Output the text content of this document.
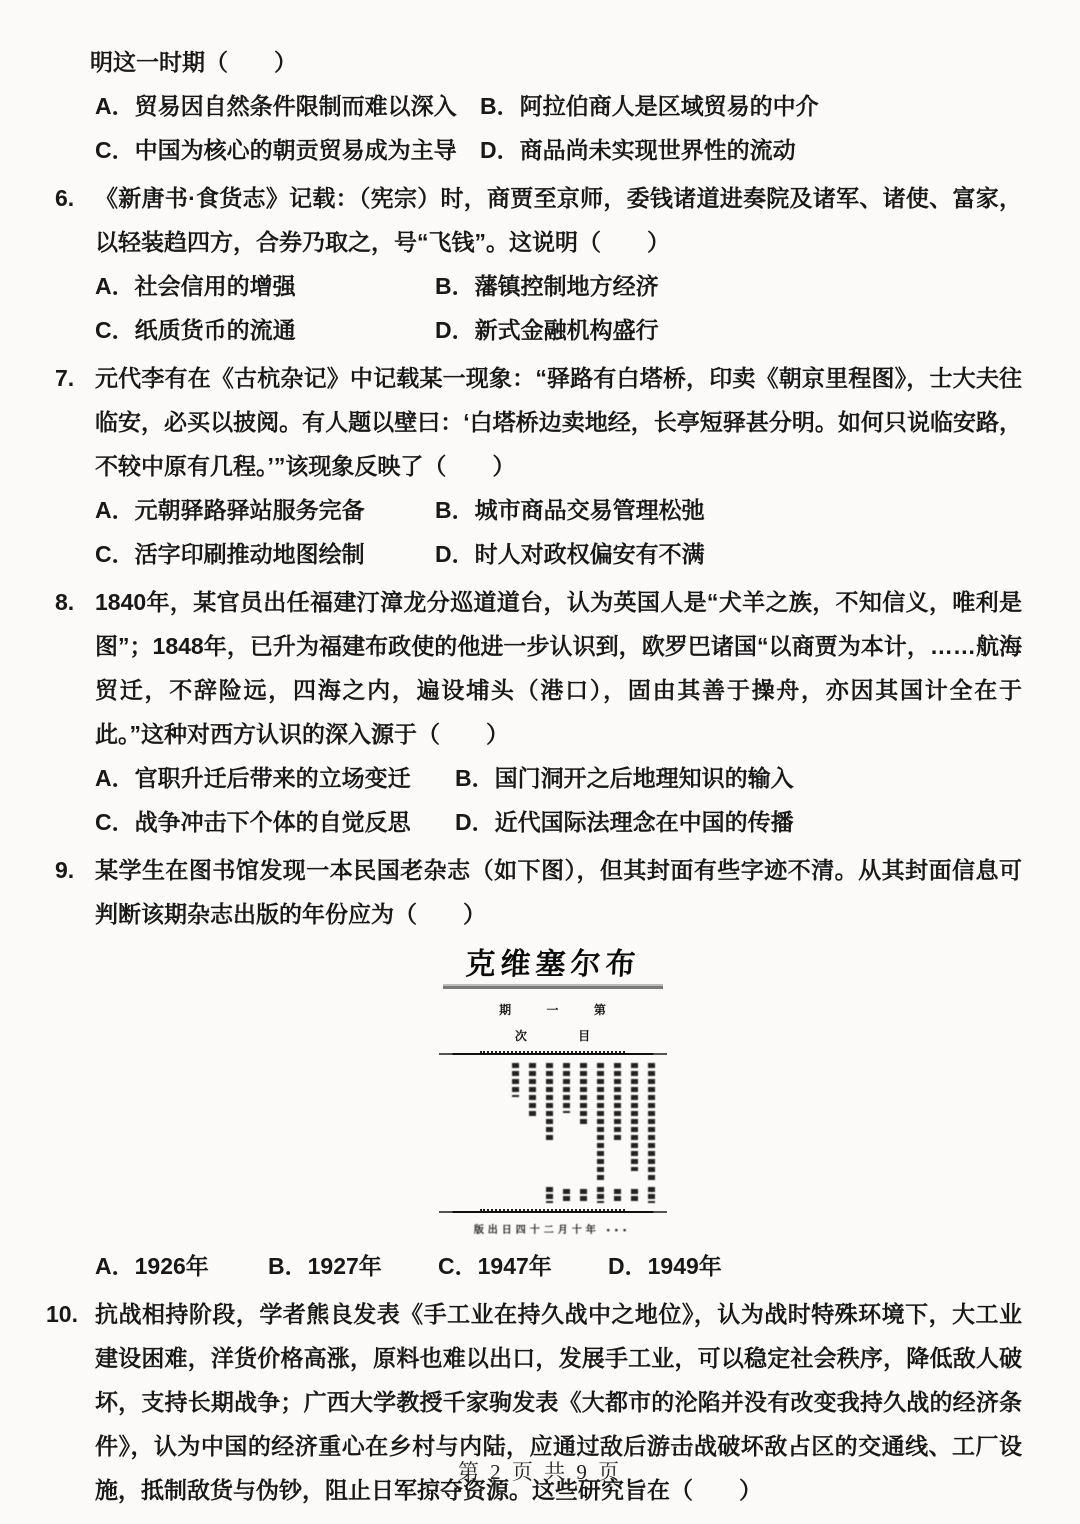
明这一时期（　　）

A．贸易因自然条件限制而难以深入	B．阿拉伯商人是区域贸易的中介
C．中国为核心的朝贡贸易成为主导	D．商品尚未实现世界性的流动
6. 《新唐书·食货志》记载：（宪宗）时，商贾至京师，委钱诸道进奏院及诸军、诸使、富家，以轻装趋四方，合券乃取之，号“飞钱”。这说明（　　）

A．社会信用的增强	B．藩镇控制地方经济
C．纸质货币的流通	D．新式金融机构盛行
7. 元代李有在《古杭杂记》中记载某一现象：“驿路有白塔桥，印卖《朝京里程图》，士大夫往临安，必买以披阅。有人题以壁曰：‘白塔桥边卖地经，长亭短驿甚分明。如何只说临安路，不较中原有几程。’”该现象反映了（　　）

A．元朝驿路驿站服务完备	B．城市商品交易管理松弛
C．活字印刷推动地图绘制	D．时人对政权偏安有不满
8. 1840年，某官员出任福建汀漳龙分巡道道台，认为英国人是“犬羊之族，不知信义，唯利是图”；1848年，已升为福建布政使的他进一步认识到，欧罗巴诸国“以商贾为本计，……航海贸迁，不辞险远，四海之内，遍设埔头（港口），固由其善于操舟，亦因其国计全在于此。”这种对西方认识的深入源于（　　）

A．官职升迁后带来的立场变迁	B．国门洞开之后地理知识的输入
C．战争冲击下个体的自觉反思	D．近代国际法理念在中国的传播
9. 某学生在图书馆发现一本民国老杂志（如下图），但其封面有些字迹不清。从其封面信息可判断该期杂志出版的年份应为（　　）

克维塞尔布
期 一 第
次 目
版出日四十二月十年 ▪▪▪
A．1926年	B．1927年	C．1947年	D．1949年
10. 抗战相持阶段，学者熊良发表《手工业在持久战中之地位》，认为战时特殊环境下，大工业建设困难，洋货价格高涨，原料也难以出口，发展手工业，可以稳定社会秩序，降低敌人破坏，支持长期战争；广西大学教授千家驹发表《大都市的沦陷并没有改变我持久战的经济条件》，认为中国的经济重心在乡村与内陆，应通过敌后游击战破坏敌占区的交通线、工厂设施，抵制敌货与伪钞，阻止日军掠夺资源。这些研究旨在（　　）

第 2 页 共 9 页
